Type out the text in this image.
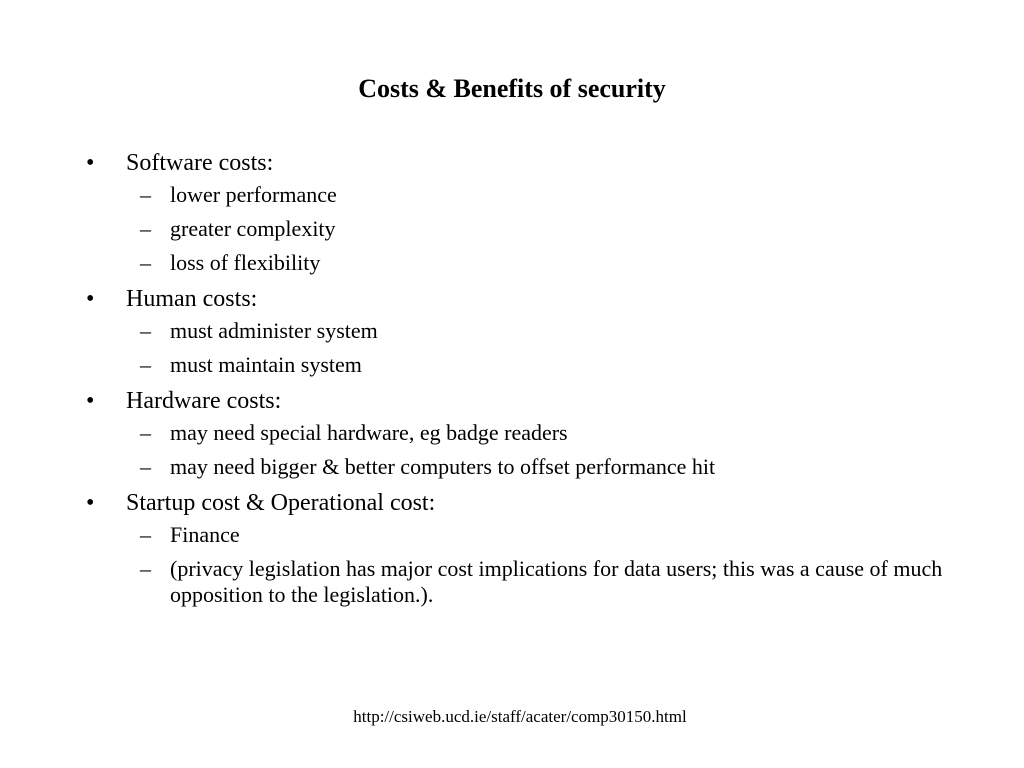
Costs & Benefits of security
• Software costs:
– lower performance
– greater complexity
– loss of flexibility
• Human costs:
– must administer system
– must maintain system
• Hardware costs:
– may need special hardware, eg badge readers
– may need bigger & better computers to offset performance hit
• Startup cost & Operational cost:
– Finance
– (privacy legislation has major cost implications for data users; this was a cause of much opposition to the legislation.).
http://csiweb.ucd.ie/staff/acater/comp30150.html
